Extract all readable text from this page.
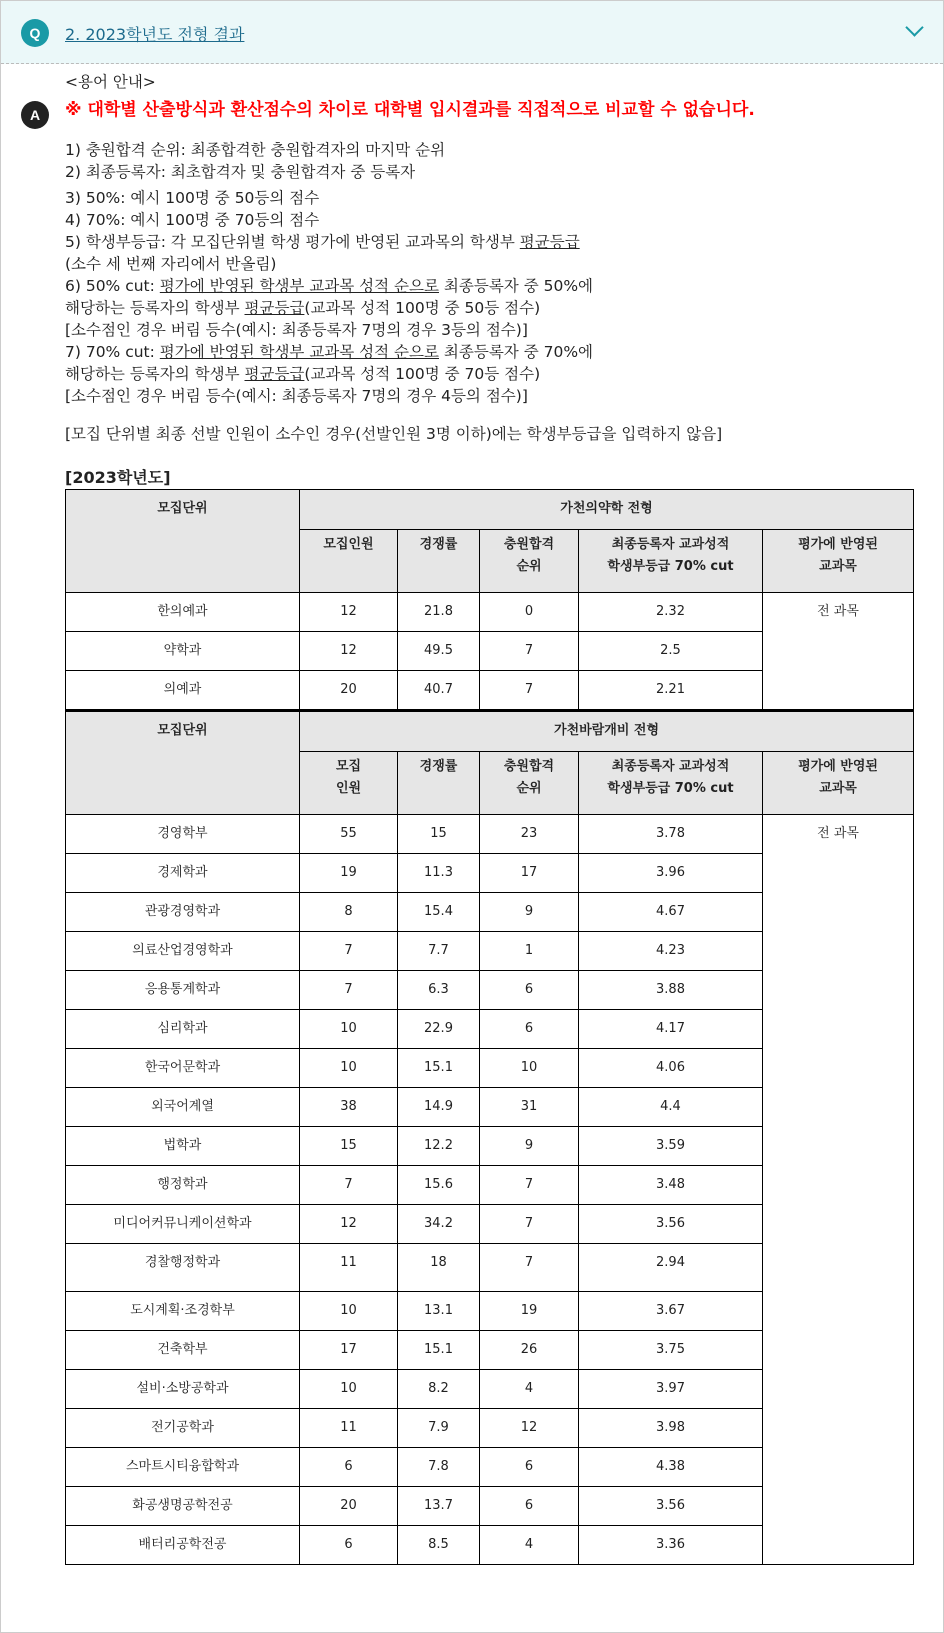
Q	2. 2023학년도 전형 결과
A
<용어 안내>
※ 대학별 산출방식과 환산점수의 차이로 대학별 입시결과를 직접적으로 비교할 수 없습니다.
1) 충원합격 순위: 최종합격한 충원합격자의 마지막 순위
2) 최종등록자: 최초합격자 및 충원합격자 중 등록자
3) 50%: 예시 100명 중 50등의 점수
4) 70%: 예시 100명 중 70등의 점수
5) 학생부등급: 각 모집단위별 학생 평가에 반영된 교과목의 학생부 평균등급
(소수 세 번째 자리에서 반올림)
6) 50% cut: 평가에 반영된 학생부 교과목 성적 순으로 최종등록자 중 50%에
해당하는 등록자의 학생부 평균등급(교과목 성적 100명 중 50등 점수)
[소수점인 경우 버림 등수(예시: 최종등록자 7명의 경우 3등의 점수)]
7) 70% cut: 평가에 반영된 학생부 교과목 성적 순으로 최종등록자 중 70%에
해당하는 등록자의 학생부 평균등급(교과목 성적 100명 중 70등 점수)
[소수점인 경우 버림 등수(예시: 최종등록자 7명의 경우 4등의 점수)]
[모집 단위별 최종 선발 인원이 소수인 경우(선발인원 3명 이하)에는 학생부등급을 입력하지 않음]
[2023학년도]
모집단위	가천의약학 전형				
	모집인원	경쟁률	충원합격
순위	최종등록자 교과성적
학생부등급 70% cut	평가에 반영된
교과목
한의예과	12	21.8	0	2.32	전 과목
약학과	12	49.5	7	2.5	
의예과	20	40.7	7	2.21	
모집단위	가천바람개비 전형				
	모집
인원	경쟁률	충원합격
순위	최종등록자 교과성적
학생부등급 70% cut	평가에 반영된
교과목
경영학부	55	15	23	3.78	전 과목
경제학과	19	11.3	17	3.96	
관광경영학과	8	15.4	9	4.67	
의료산업경영학과	7	7.7	1	4.23	
응용통계학과	7	6.3	6	3.88	
심리학과	10	22.9	6	4.17	
한국어문학과	10	15.1	10	4.06	
외국어계열	38	14.9	31	4.4	
법학과	15	12.2	9	3.59	
행정학과	7	15.6	7	3.48	
미디어커뮤니케이션학과	12	34.2	7	3.56	
경찰행정학과	11	18	7	2.94	
도시계획·조경학부	10	13.1	19	3.67	
건축학부	17	15.1	26	3.75	
설비·소방공학과	10	8.2	4	3.97	
전기공학과	11	7.9	12	3.98	
스마트시티융합학과	6	7.8	6	4.38	
화공생명공학전공	20	13.7	6	3.56	
배터리공학전공	6	8.5	4	3.36	
